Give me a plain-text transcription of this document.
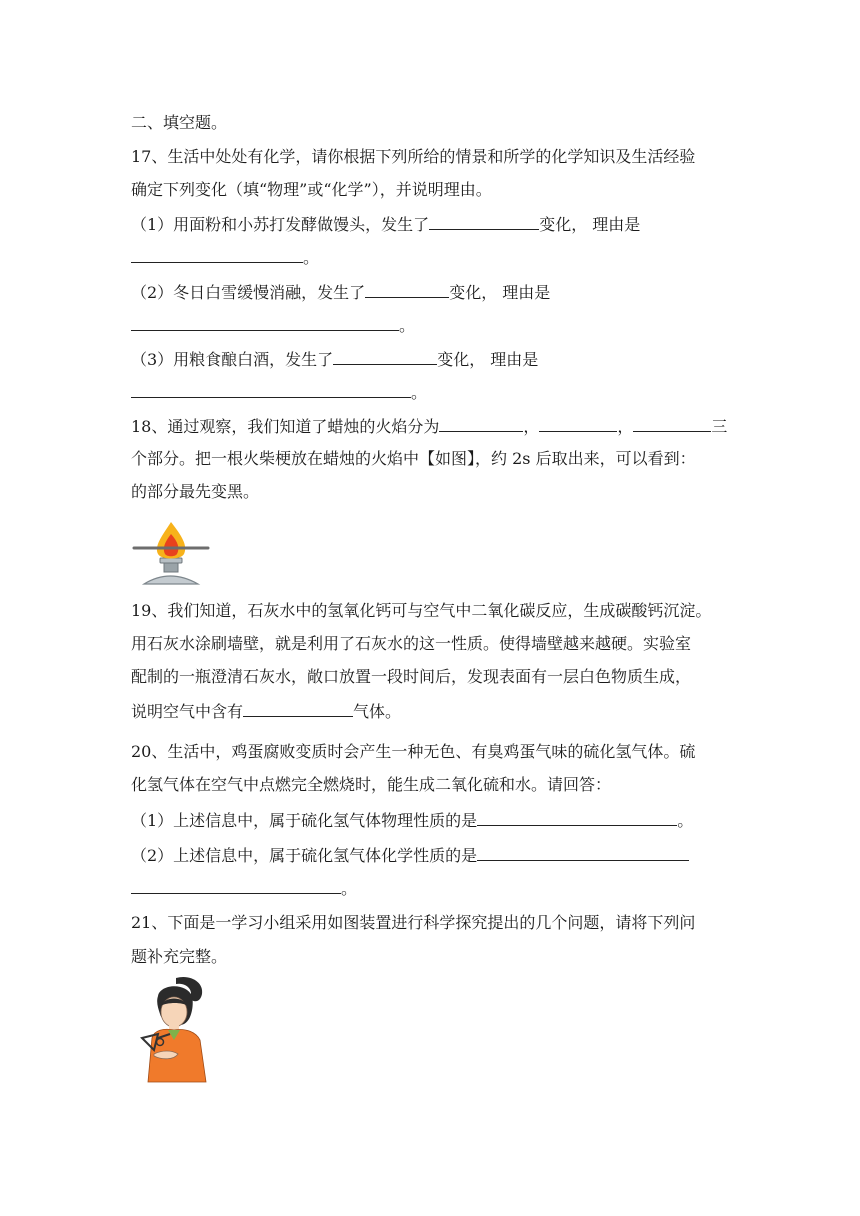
二、填空题。
17、生活中处处有化学，请你根据下列所给的情景和所学的化学知识及生活经验
确定下列变化（填“物理”或“化学”），并说明理由。
（1）用面粉和小苏打发酵做馒头，发生了	变化， 理由是
。
（2）冬日白雪缓慢消融，发生了	变化， 理由是
。
（3）用粮食酿白酒，发生了	变化， 理由是
。
18、通过观察，我们知道了蜡烛的火焰分为	，	，	三
个部分。把一根火柴梗放在蜡烛的火焰中【如图】，约 2s 后取出来，可以看到：
的部分最先变黑。
19、我们知道，石灰水中的氢氧化钙可与空气中二氧化碳反应，生成碳酸钙沉淀。
用石灰水涂刷墙壁，就是利用了石灰水的这一性质。使得墙壁越来越硬。实验室
配制的一瓶澄清石灰水，敞口放置一段时间后，发现表面有一层白色物质生成，
说明空气中含有	气体。
20、生活中，鸡蛋腐败变质时会产生一种无色、有臭鸡蛋气味的硫化氢气体。硫
化氢气体在空气中点燃完全燃烧时，能生成二氧化硫和水。请回答：
（1）上述信息中，属于硫化氢气体物理性质的是	。
（2）上述信息中，属于硫化氢气体化学性质的是
。
21、下面是一学习小组采用如图装置进行科学探究提出的几个问题，请将下列问
题补充完整。
